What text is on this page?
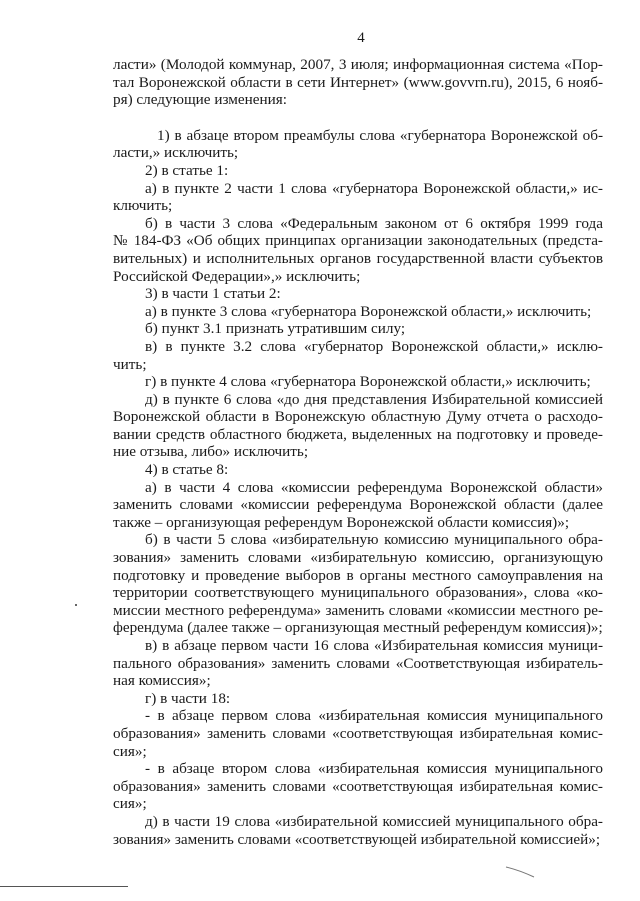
4
ласти» (Молодой коммунар, 2007, 3 июля; информационная система «Пор-
тал Воронежской области в сети Интернет» (www.govvrn.ru), 2015, 6 нояб-
ря) следующие изменения:
1) в абзаце втором преамбулы слова «губернатора Воронежской об-
ласти,» исключить;
2) в статье 1:
а) в пункте 2 части 1 слова «губернатора Воронежской области,» ис-
ключить;
б) в части 3 слова «Федеральным законом от 6 октября 1999 года
№ 184-ФЗ «Об общих принципах организации законодательных (предста-
вительных) и исполнительных органов государственной власти субъектов
Российской Федерации»,» исключить;
3) в части 1 статьи 2:
а) в пункте 3 слова «губернатора Воронежской области,» исключить;
б) пункт 3.1 признать утратившим силу;
в) в пункте 3.2 слова «губернатор Воронежской области,» исклю-
чить;
г) в пункте 4 слова «губернатора Воронежской области,» исключить;
д) в пункте 6 слова «до дня представления Избирательной комиссией
Воронежской области в Воронежскую областную Думу отчета о расходо-
вании средств областного бюджета, выделенных на подготовку и проведе-
ние отзыва, либо» исключить;
4) в статье 8:
а) в части 4 слова «комиссии референдума Воронежской области»
заменить словами «комиссии референдума Воронежской области (далее
также – организующая референдум Воронежской области комиссия)»;
б) в части 5 слова «избирательную комиссию муниципального обра-
зования» заменить словами «избирательную комиссию, организующую
подготовку и проведение выборов в органы местного самоуправления на
территории соответствующего муниципального образования», слова «ко-
миссии местного референдума» заменить словами «комиссии местного ре-
ферендума (далее также – организующая местный референдум комиссия)»;
в) в абзаце первом части 16 слова «Избирательная комиссия муници-
пального образования» заменить словами «Соответствующая избиратель-
ная комиссия»;
г) в части 18:
- в абзаце первом слова «избирательная комиссия муниципального
образования» заменить словами «соответствующая избирательная комис-
сия»;
- в абзаце втором слова «избирательная комиссия муниципального
образования» заменить словами «соответствующая избирательная комис-
сия»;
д) в части 19 слова «избирательной комиссией муниципального обра-
зования» заменить словами «соответствующей избирательной комиссией»;
